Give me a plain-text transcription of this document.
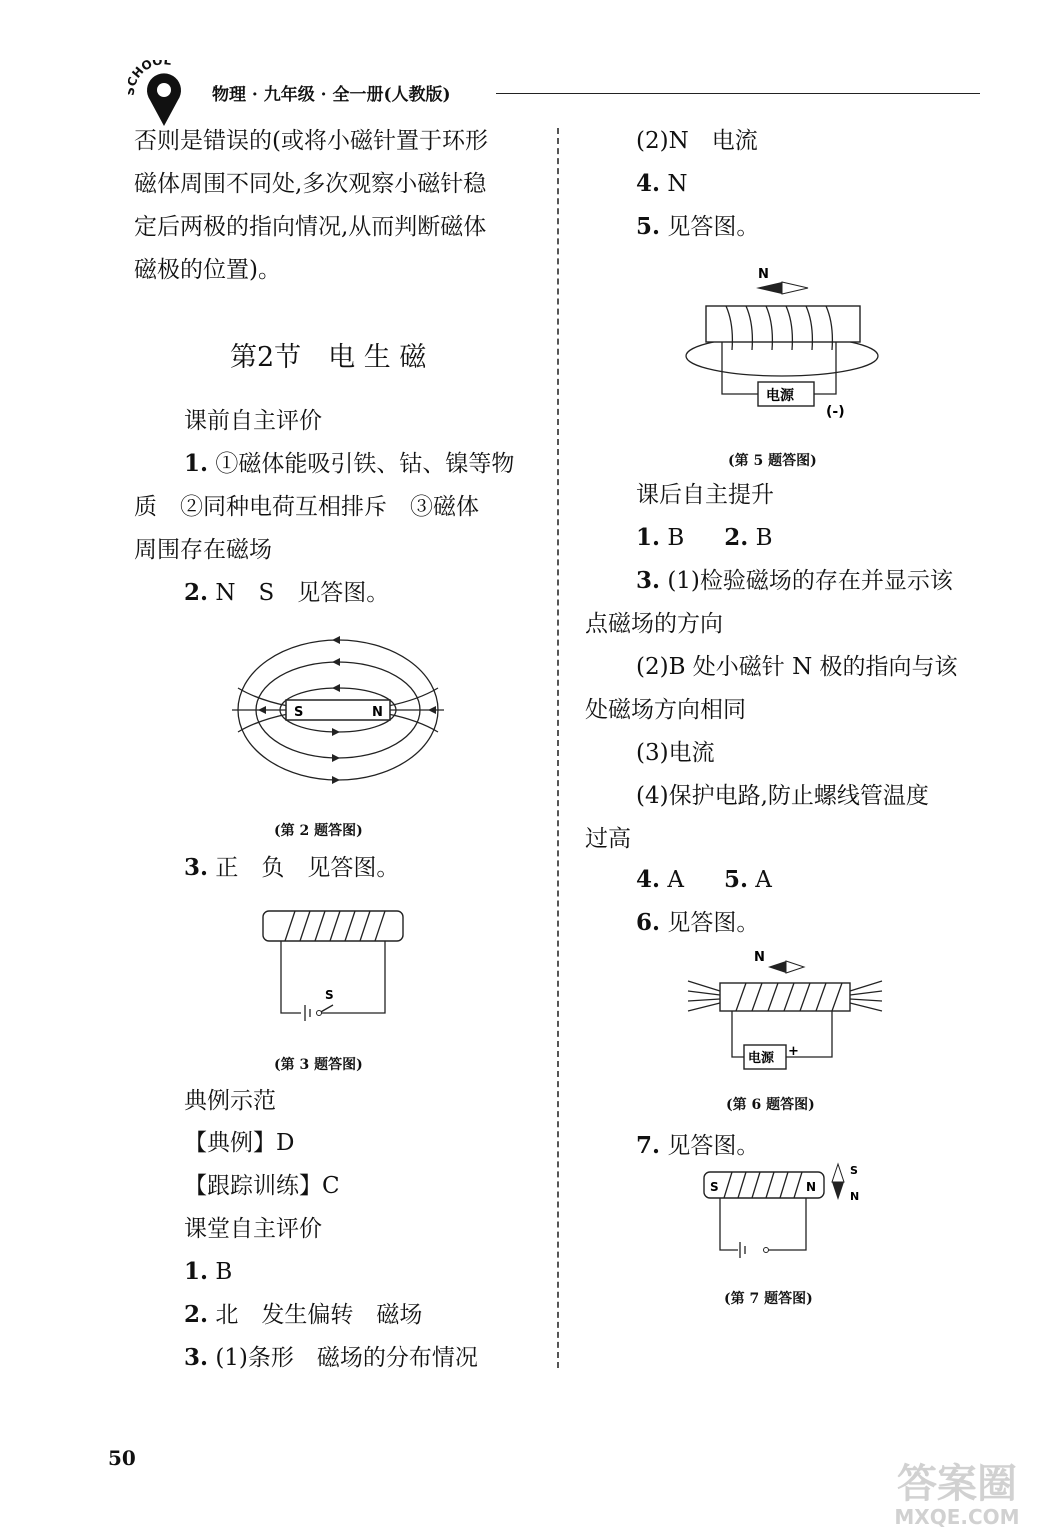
HOOL
物理 · 九年级 · 全一册(人教版)
否则是错误的(或将小磁针置于环形
磁体周围不同处,多次观察小磁针稳
定后两极的指向情况,从而判断磁体
磁极的位置)。
第2节　电 生 磁
课前自主评价
1. ①磁体能吸引铁、钴、镍等物
质　②同种电荷互相排斥　③磁体
周围存在磁场
2. N　S　见答图。
S	N
(第 2 题答图)
3. 正　负　见答图。
S
(第 3 题答图)
典例示范
【典例】D
【跟踪训练】C
课堂自主评价
1. B
2. 北　发生偏转　磁场
3. (1)条形　磁场的分布情况
(2)N　电流
4. N
5. 见答图。
N
电源
(-)
(第 5 题答图)
课后自主提升
1. B 2. B
3. (1)检验磁场的存在并显示该
点磁场的方向
(2)B 处小磁针 N 极的指向与该
处磁场方向相同
(3)电流
(4)保护电路,防止螺线管温度
过高
4. A 5. A
6. 见答图。
N
电源 +
(第 6 题答图)
7. 见答图。
S	N
S
N
(第 7 题答图)
50
答案圈
MXQE.COM
